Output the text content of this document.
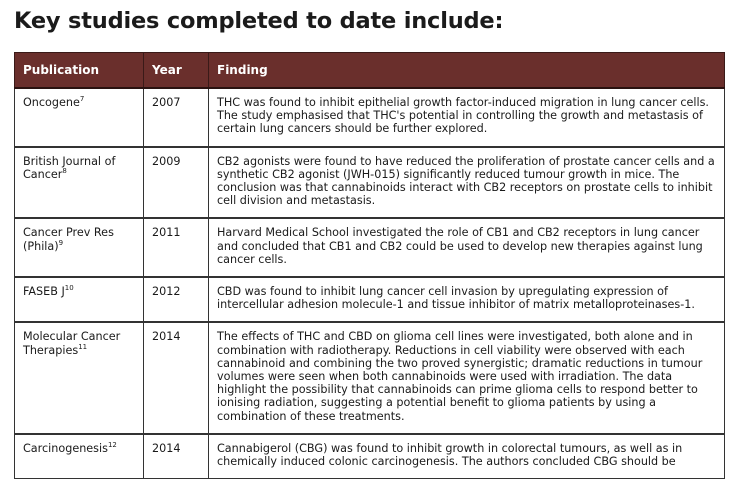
Key studies completed to date include:
Publication	Year	Finding
Oncogene$^7$	2007	THC was found to inhibit epithelial growth factor-induced migration in lung cancer cells. The study emphasised that THC's potential in controlling the growth and metastasis of certain lung cancers should be further explored.
British Journal of Cancer$^8$	2009	CB2 agonists were found to have reduced the proliferation of prostate cancer cells and a synthetic CB2 agonist (JWH-015) significantly reduced tumour growth in mice. The conclusion was that cannabinoids interact with CB2 receptors on prostate cells to inhibit cell division and metastasis.
Cancer Prev Res (Phila)$^9$	2011	Harvard Medical School investigated the role of CB1 and CB2 receptors in lung cancer and concluded that CB1 and CB2 could be used to develop new therapies against lung cancer cells.
FASEB $J^{10}$	2012	CBD was found to inhibit lung cancer cell invasion by upregulating expression of intercellular adhesion molecule-1 and tissue inhibitor of matrix metalloproteinases-1.
Molecular Cancer Therapies$^{11}$	2014	The effects of THC and CBD on glioma cell lines were investigated, both alone and in combination with radiotherapy. Reductions in cell viability were observed with each cannabinoid and combining the two proved synergistic; dramatic reductions in tumour volumes were seen when both cannabinoids were used with irradiation. The data highlight the possibility that cannabinoids can prime glioma cells to respond better to ionising radiation, suggesting a potential benefit to glioma patients by using a combination of these treatments.
Carcinogenesis$^{12}$	2014	Cannabigerol (CBG) was found to inhibit growth in colorectal tumours, as well as in chemically induced colonic carcinogenesis. The authors concluded CBG should be
